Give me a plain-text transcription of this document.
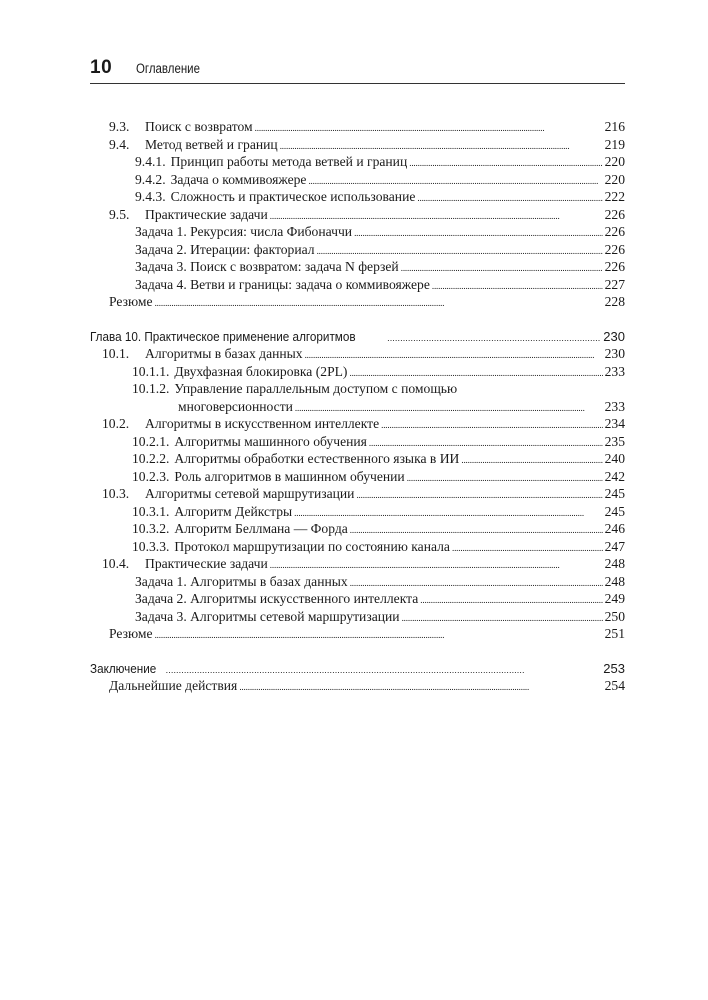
10 Оглавление
9.3.	Поиск с возвратом . . .	216
9.4.	Метод ветвей и границ . . .	219
9.4.1. Принцип работы метода ветвей и границ . . .	220
9.4.2. Задача о коммивояжере . . .	220
9.4.3. Сложность и практическое использование . . .	222
9.5.	Практические задачи . . .	226
Задача 1. Рекурсия: числа Фибоначчи . . .	226
Задача 2. Итерации: факториал . . .	226
Задача 3. Поиск с возвратом: задача N ферзей . . .	226
Задача 4. Ветви и границы: задача о коммивояжере . . .	227
Резюме . . .	228
Глава 10. Практическое применение алгоритмов . . .	230
10.1.	Алгоритмы в базах данных . . .	230
10.1.1. Двухфазная блокировка (2PL) . . .	233
10.1.2. Управление параллельным доступом с помощью
многоверсионности . . .	233
10.2.	Алгоритмы в искусственном интеллекте . . .	234
10.2.1. Алгоритмы машинного обучения . . .	235
10.2.2. Алгоритмы обработки естественного языка в ИИ . . .	240
10.2.3. Роль алгоритмов в машинном обучении . . .	242
10.3.	Алгоритмы сетевой маршрутизации . . .	245
10.3.1. Алгоритм Дейкстры . . .	245
10.3.2. Алгоритм Беллмана — Форда . . .	246
10.3.3. Протокол маршрутизации по состоянию канала . . .	247
10.4.	Практические задачи . . .	248
Задача 1. Алгоритмы в базах данных . . .	248
Задача 2. Алгоритмы искусственного интеллекта . . .	249
Задача 3. Алгоритмы сетевой маршрутизации . . .	250
Резюме . . .	251
Заключение . . .	253
Дальнейшие действия . . .	254
